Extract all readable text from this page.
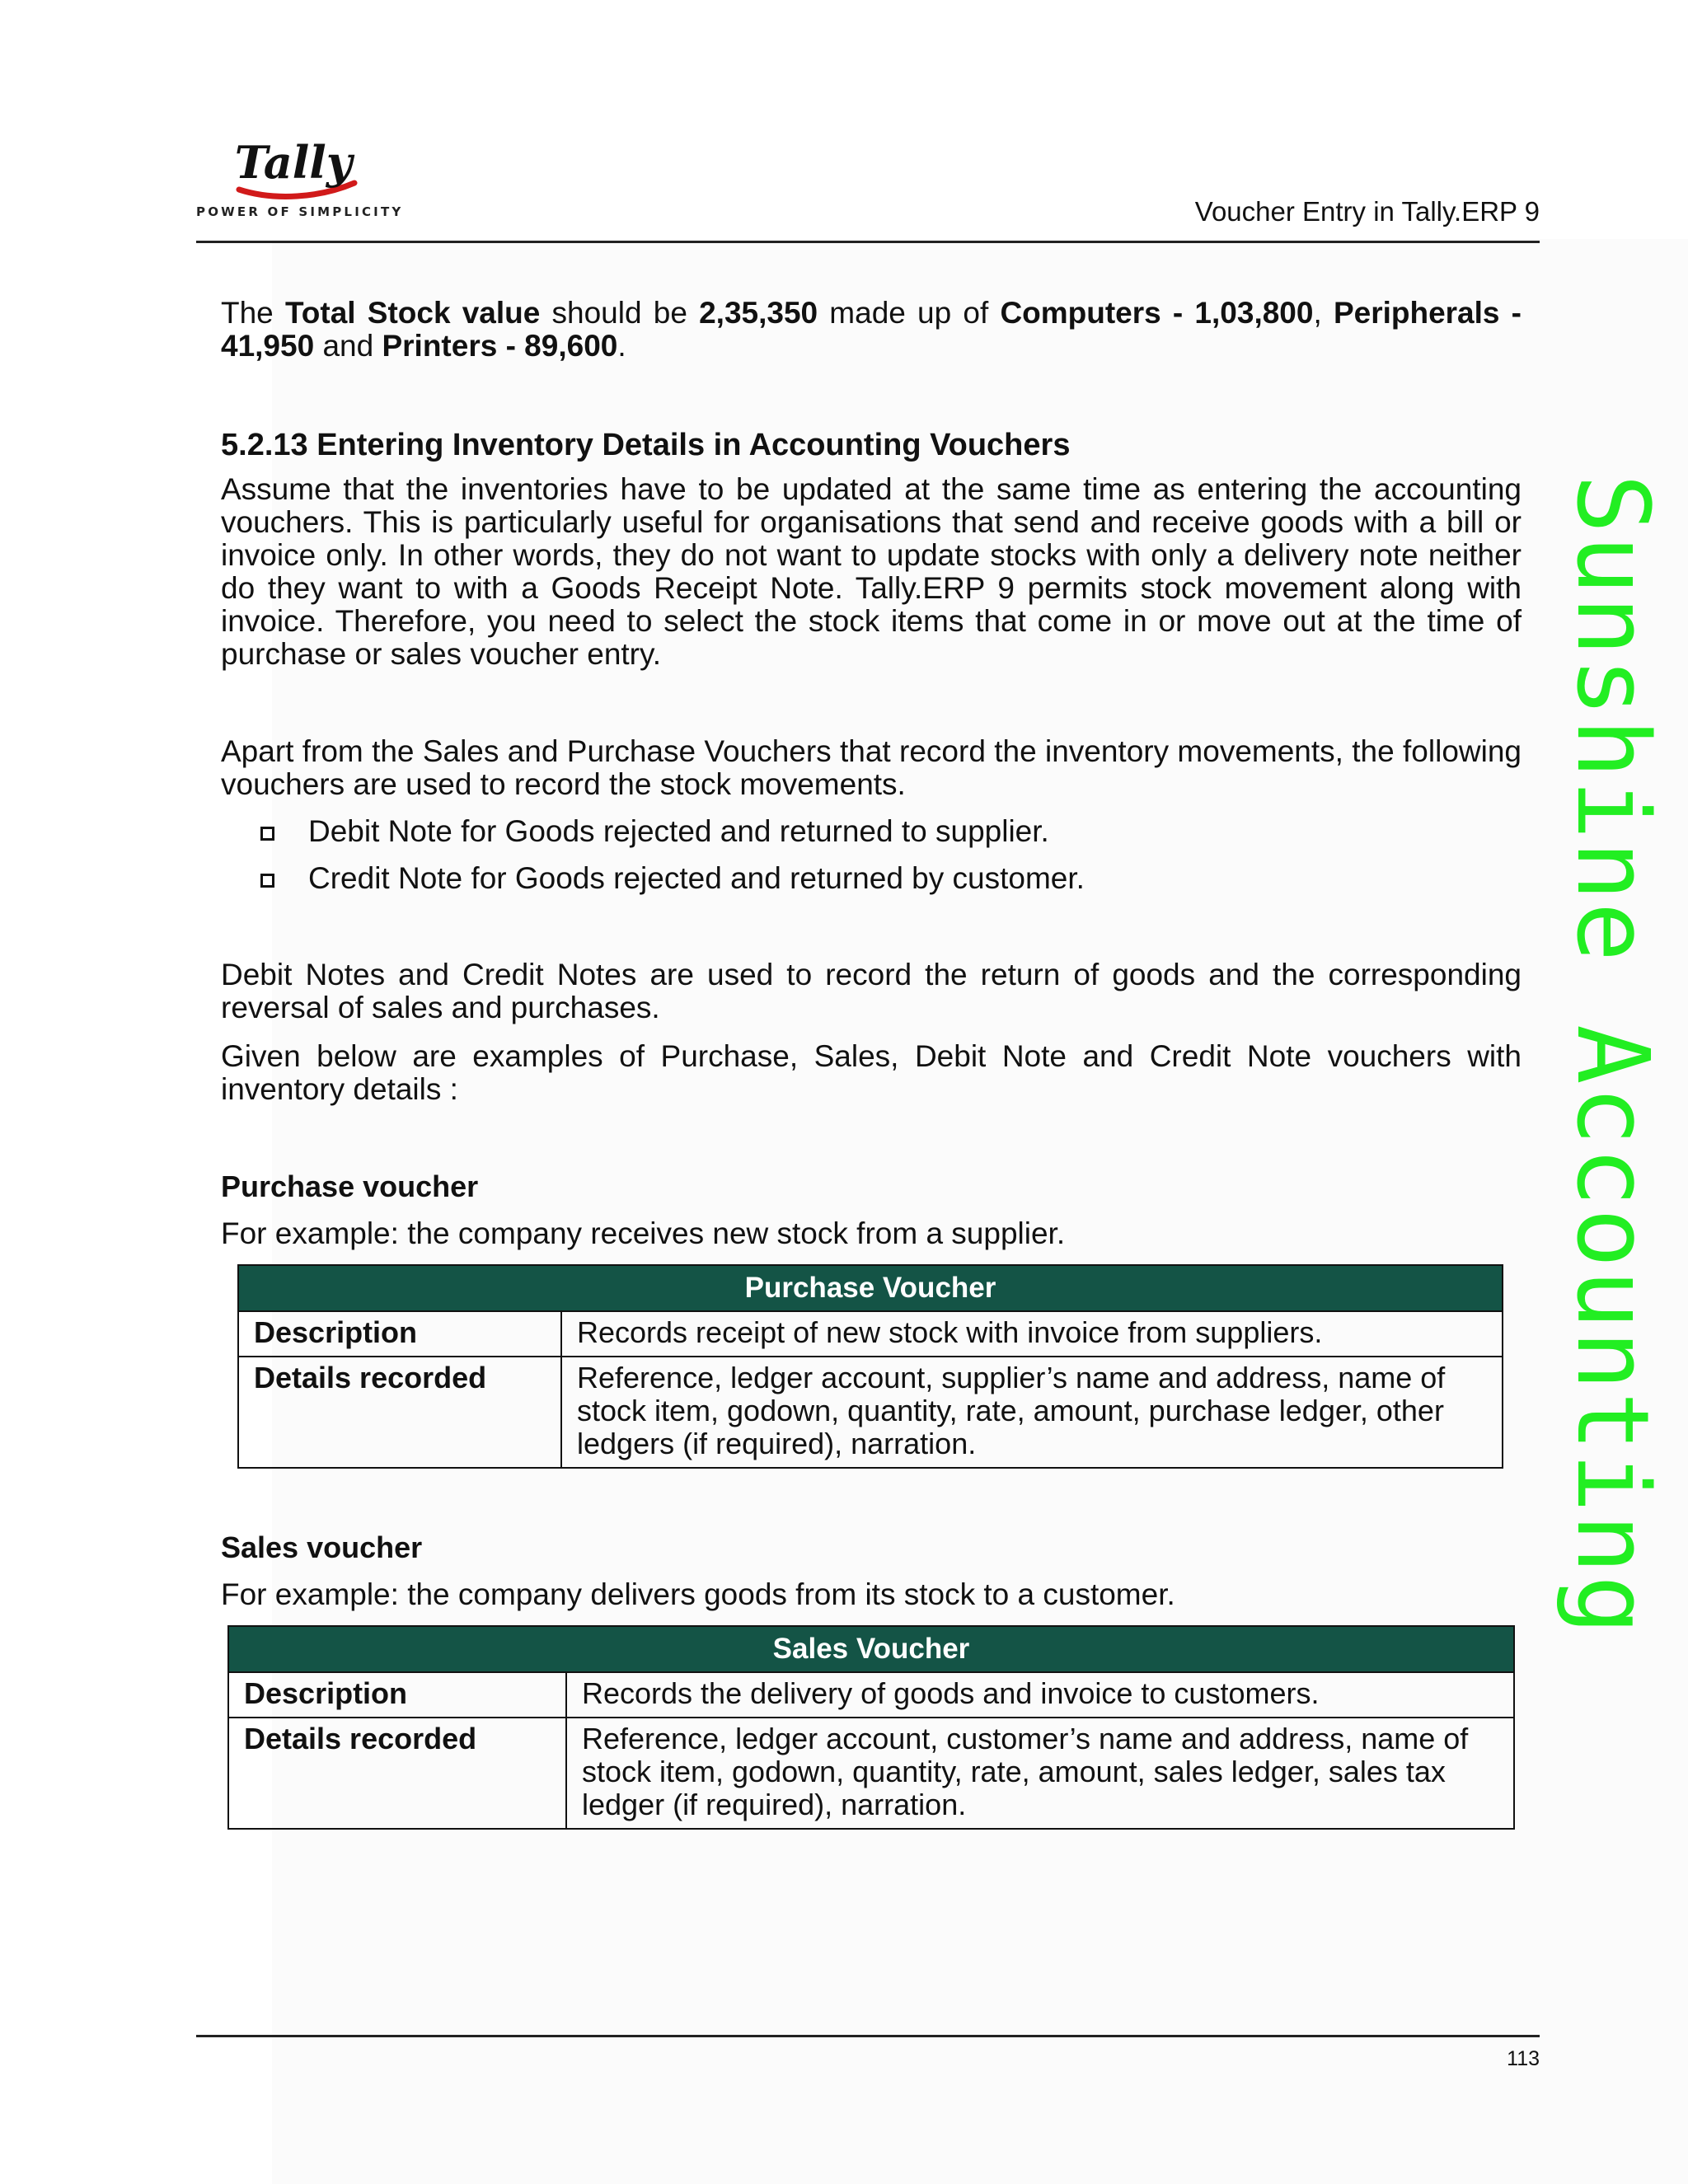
Tally
POWER OF SIMPLICITY	Voucher Entry in Tally.ERP 9
Sunshine Accounting

The Total Stock value should be 2,35,350 made up of Computers - 1,03,800, Peripherals - 41,950 and Printers - 89,600.

5.2.13 Entering Inventory Details in Accounting Vouchers

Assume that the inventories have to be updated at the same time as entering the accounting vouchers. This is particularly useful for organisations that send and receive goods with a bill or invoice only. In other words, they do not want to update stocks with only a delivery note neither do they want to with a Goods Receipt Note. Tally.ERP 9 permits stock movement along with invoice. Therefore, you need to select the stock items that come in or move out at the time of purchase or sales voucher entry.

Apart from the Sales and Purchase Vouchers that record the inventory movements, the following vouchers are used to record the stock movements.

Debit Note for Goods rejected and returned to supplier.
Credit Note for Goods rejected and returned by customer.

Debit Notes and Credit Notes are used to record the return of goods and the corresponding reversal of sales and purchases.

Given below are examples of Purchase, Sales, Debit Note and Credit Note vouchers with inventory details :

Purchase voucher

For example: the company receives new stock from a supplier.

Purchase Voucher	
Description	Records receipt of new stock with invoice from suppliers.
Details recorded	Reference, ledger account, supplier’s name and address, name of stock item, godown, quantity, rate, amount, purchase ledger, other ledgers (if required), narration.
Sales voucher

For example: the company delivers goods from its stock to a customer.

Sales Voucher	
Description	Records the delivery of goods and invoice to customers.
Details recorded	Reference, ledger account, customer’s name and address, name of stock item, godown, quantity, rate, amount, sales ledger, sales tax ledger (if required), narration.
113
